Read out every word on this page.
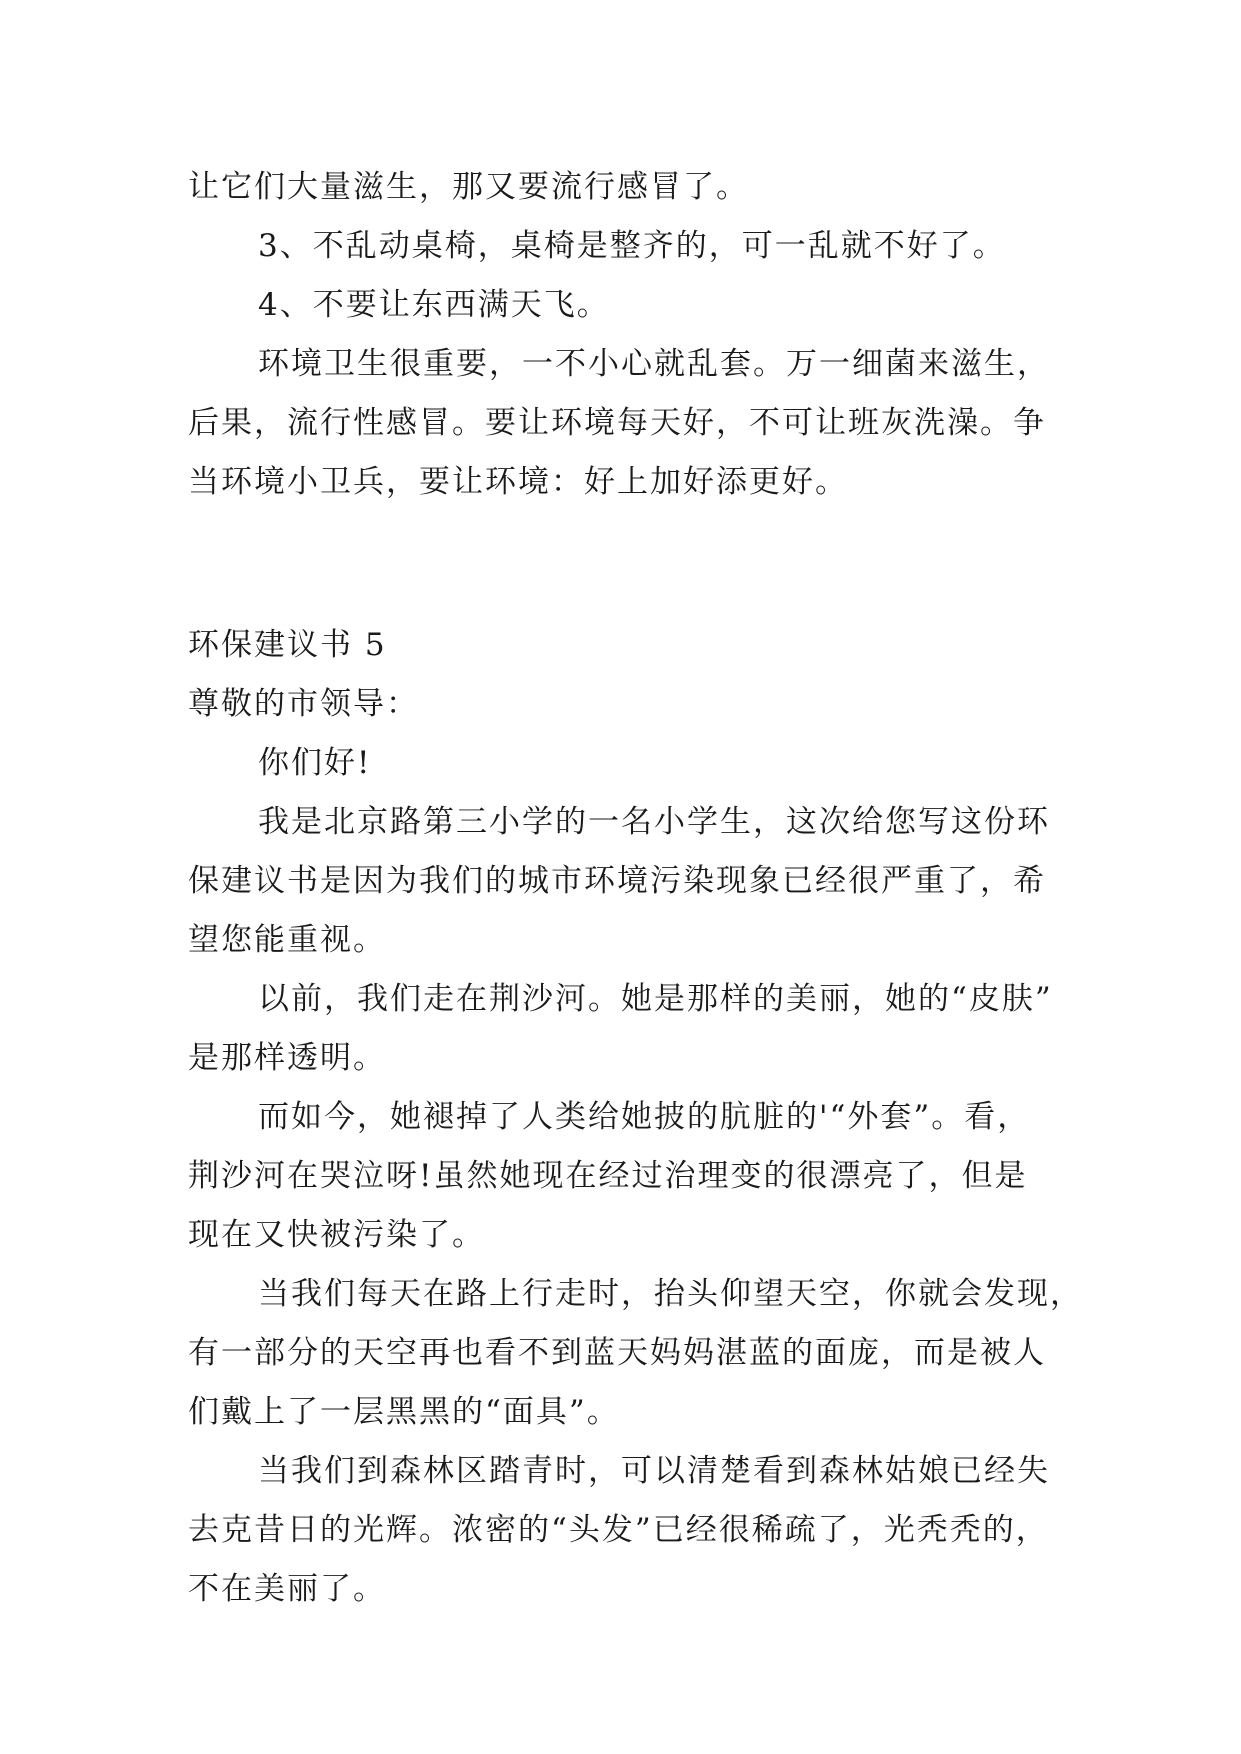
让它们大量滋生，那又要流行感冒了。
3、不乱动桌椅，桌椅是整齐的，可一乱就不好了。
4、不要让东西满天飞。
环境卫生很重要，一不小心就乱套。万一细菌来滋生，
后果，流行性感冒。要让环境每天好，不可让班灰洗澡。争
当环境小卫兵，要让环境：好上加好添更好。
环保建议书 5
尊敬的市领导：
你们好!
我是北京路第三小学的一名小学生，这次给您写这份环
保建议书是因为我们的城市环境污染现象已经很严重了，希
望您能重视。
以前，我们走在荆沙河。她是那样的美丽，她的“皮肤”
是那样透明。
而如今，她褪掉了人类给她披的肮脏的'“外套”。看，
荆沙河在哭泣呀!虽然她现在经过治理变的很漂亮了，但是
现在又快被污染了。
当我们每天在路上行走时，抬头仰望天空，你就会发现，
有一部分的天空再也看不到蓝天妈妈湛蓝的面庞，而是被人
们戴上了一层黑黑的“面具”。
当我们到森林区踏青时，可以清楚看到森林姑娘已经失
去克昔日的光辉。浓密的“头发”已经很稀疏了，光秃秃的，
不在美丽了。
